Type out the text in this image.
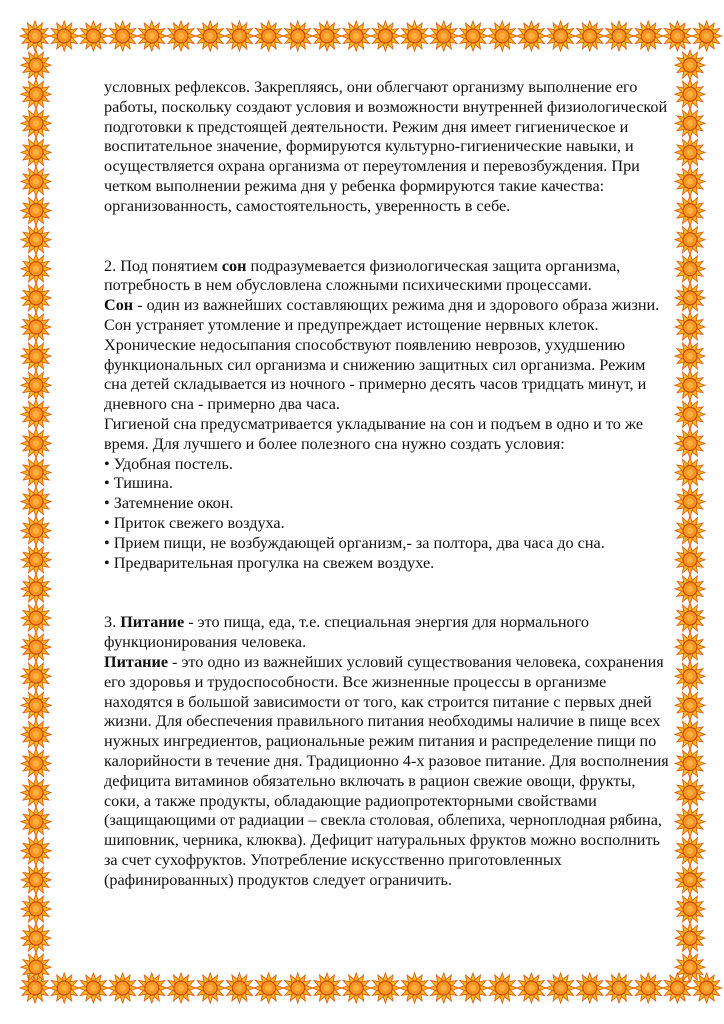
условных рефлексов. Закрепляясь, они облегчают организму выполнение его работы, поскольку создают условия и возможности внутренней физиологической подготовки к предстоящей деятельности. Режим дня имеет гигиеническое и воспитательное значение, формируются культурно-гигиенические навыки, и осуществляется охрана организма от переутомления и перевозбуждения. При четком выполнении режима дня у ребенка формируются такие качества: организованность, самостоятельность, уверенность в себе.

2. Под понятием сон подразумевается физиологическая защита организма, потребность в нем обусловлена сложными психическими процессами.

Сон - один из важнейших составляющих режима дня и здорового образа жизни. Сон устраняет утомление и предупреждает истощение нервных клеток. Хронические недосыпания способствуют появлению неврозов, ухудшению функциональных сил организма и снижению защитных сил организма. Режим сна детей складывается из ночного - примерно десять часов тридцать минут, и дневного сна - примерно два часа.

Гигиеной сна предусматривается укладывание на сон и подъем в одно и то же время. Для лучшего и более полезного сна нужно создать условия:

• Удобная постель.
• Тишина.
• Затемнение окон.
• Приток свежего воздуха.
• Прием пищи, не возбуждающей организм,- за полтора, два часа до сна.
• Предварительная прогулка на свежем воздухе.

3. Питание - это пища, еда, т.е. специальная энергия для нормального функционирования человека.

Питание - это одно из важнейших условий существования человека, сохранения его здоровья и трудоспособности. Все жизненные процессы в организме находятся в большой зависимости от того, как строится питание с первых дней жизни. Для обеспечения правильного питания необходимы наличие в пище всех нужных ингредиентов, рациональные режим питания и распределение пищи по калорийности в течение дня. Традиционно 4-х разовое питание. Для восполнения дефицита витаминов обязательно включать в рацион свежие овощи, фрукты, соки, а также продукты, обладающие радиопротекторными свойствами (защищающими от радиации – свекла столовая, облепиха, черноплодная рябина, шиповник, черника, клюква). Дефицит натуральных фруктов можно восполнить за счет сухофруктов. Употребление искусственно приготовленных (рафинированных) продуктов следует ограничить.
